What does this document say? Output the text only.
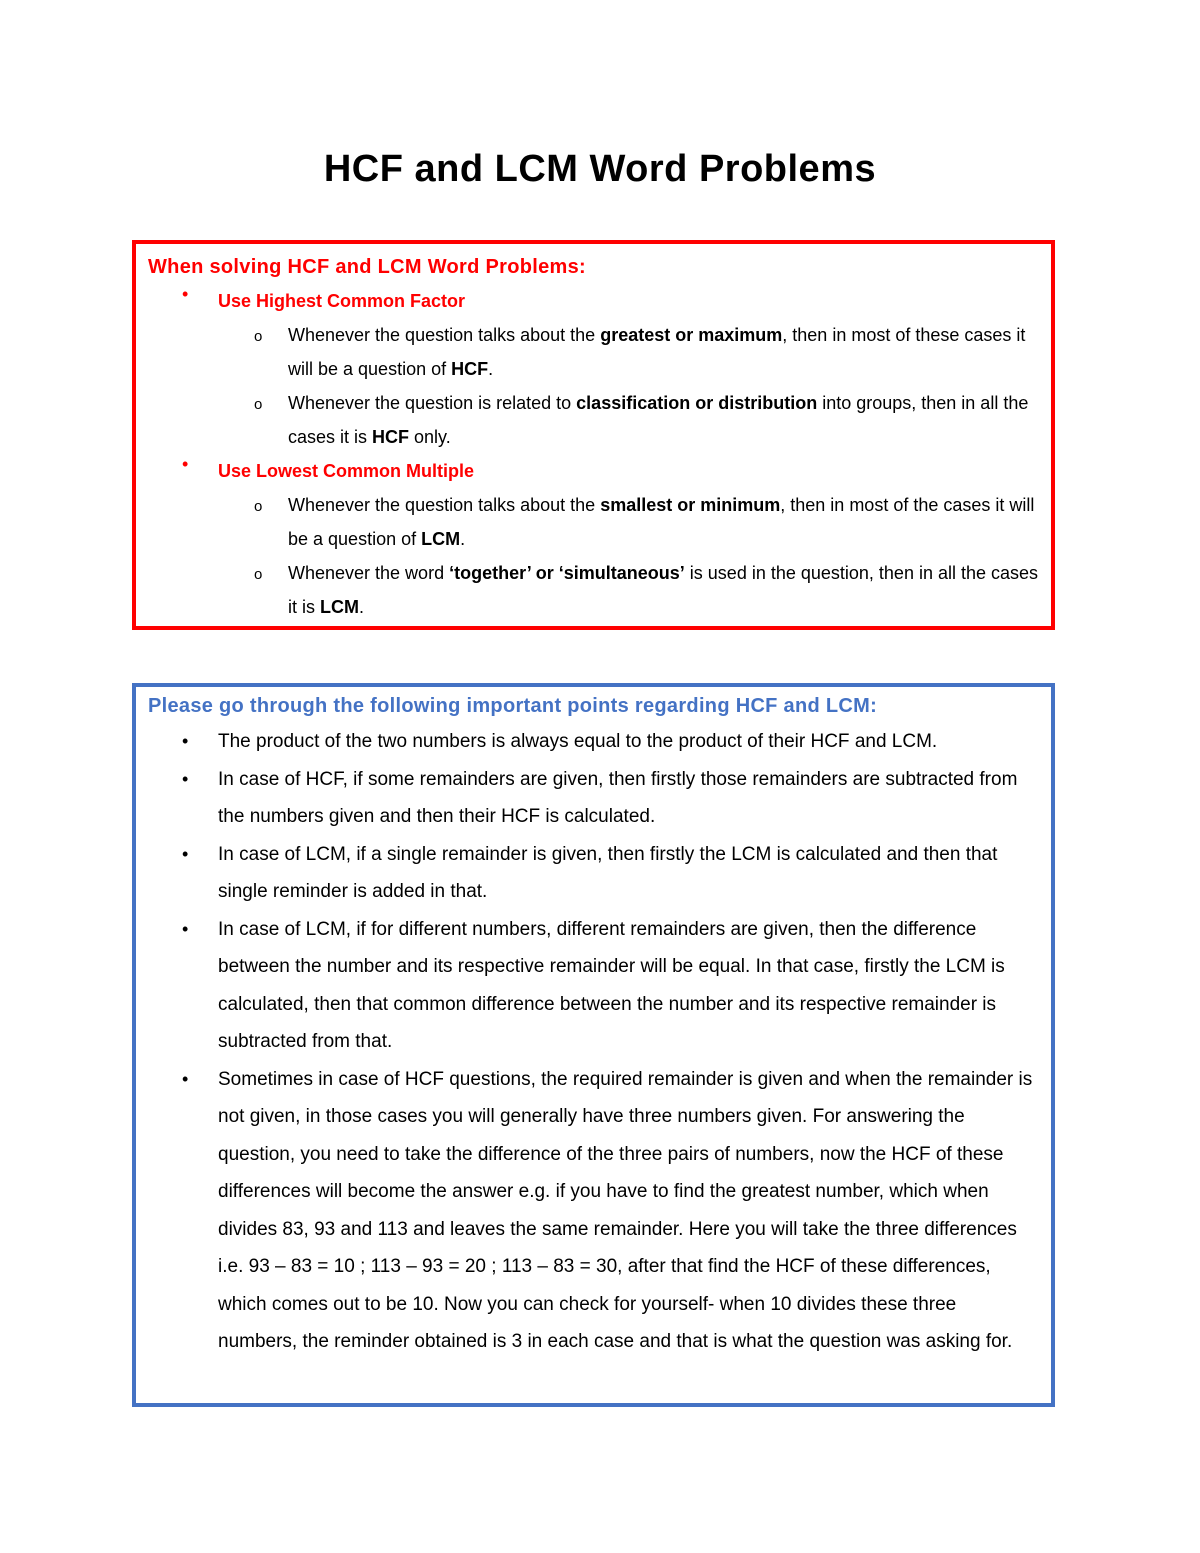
HCF and LCM Word Problems
When solving HCF and LCM Word Problems:
• Use Highest Common Factor
o Whenever the question talks about the greatest or maximum, then in most of these cases it will be a question of HCF.
o Whenever the question is related to classification or distribution into groups, then in all the cases it is HCF only.
• Use Lowest Common Multiple
o Whenever the question talks about the smallest or minimum, then in most of the cases it will be a question of LCM.
o Whenever the word ‘together’ or ‘simultaneous’ is used in the question, then in all the cases it is LCM.
Please go through the following important points regarding HCF and LCM:
• The product of the two numbers is always equal to the product of their HCF and LCM.
• In case of HCF, if some remainders are given, then firstly those remainders are subtracted from the numbers given and then their HCF is calculated.
• In case of LCM, if a single remainder is given, then firstly the LCM is calculated and then that single reminder is added in that.
• In case of LCM, if for different numbers, different remainders are given, then the difference between the number and its respective remainder will be equal. In that case, firstly the LCM is calculated, then that common difference between the number and its respective remainder is subtracted from that.
• Sometimes in case of HCF questions, the required remainder is given and when the remainder is not given, in those cases you will generally have three numbers given. For answering the question, you need to take the difference of the three pairs of numbers, now the HCF of these differences will become the answer e.g. if you have to find the greatest number, which when divides 83, 93 and 113 and leaves the same remainder. Here you will take the three differences i.e. 93 – 83 = 10 ; 113 – 93 = 20 ; 113 – 83 = 30, after that find the HCF of these differences, which comes out to be 10. Now you can check for yourself- when 10 divides these three numbers, the reminder obtained is 3 in each case and that is what the question was asking for.
